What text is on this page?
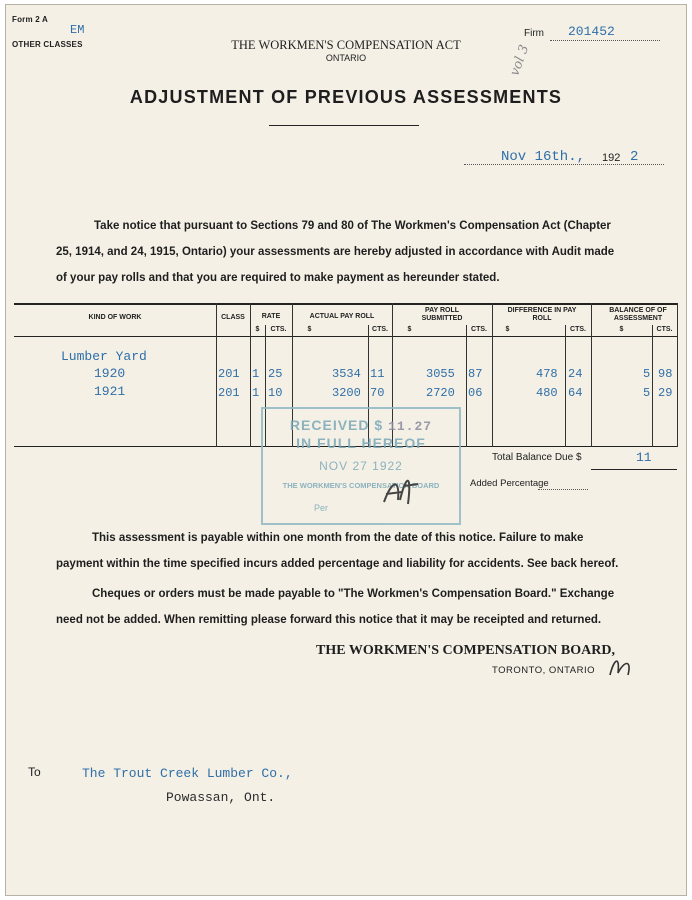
Form 2 A
EM
OTHER CLASSES	THE WORKMEN'S COMPENSATION ACT
ONTARIO
Firm 201452
vol 3
ADJUSTMENT OF PREVIOUS ASSESSMENTS
Nov 16th., 192 2
Take notice that pursuant to Sections 79 and 80 of The Workmen's Compensation Act (Chapter
25, 1914, and 24, 1915, Ontario) your assessments are hereby adjusted in accordance with Audit made
of your pay rolls and that you are required to make payment as hereunder stated.
KIND OF WORK	CLASS	RATE
$	CTS.
ACTUAL PAY ROLL
$	CTS.
PAY ROLL SUBMITTED
$	CTS.
DIFFERENCE IN PAY ROLL
$	CTS.
BALANCE OF OF ASSESSMENT
$	CTS.
Lumber Yard
1920	201 1 25	3534 11	3055 87	478 24	5 98
1921	201 1 10	3200 70	2720 06	480 64	5 29
Total Balance Due $	11
Added Percentage
RECEIVED $ 11.27
IN FULL HEREOF
NOV 27 1922
THE WORKMEN'S COMPENSATION BOARD
Per
This assessment is payable within one month from the date of this notice. Failure to make
payment within the time specified incurs added percentage and liability for accidents. See back hereof.
Cheques or orders must be made payable to "The Workmen's Compensation Board." Exchange
need not be added. When remitting please forward this notice that it may be receipted and returned.
THE WORKMEN'S COMPENSATION BOARD,
TORONTO, ONTARIO
To	The Trout Creek Lumber Co.,
Powassan, Ont.
